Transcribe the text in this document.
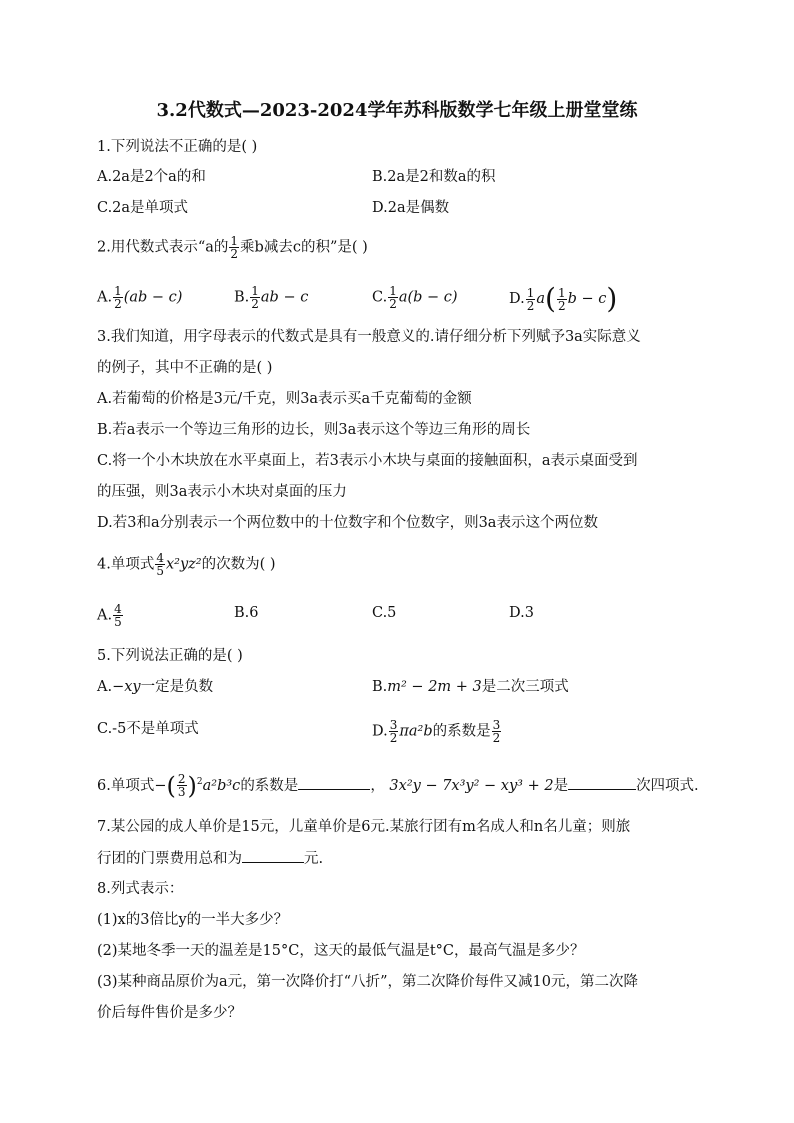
3.2代数式—2023-2024学年苏科版数学七年级上册堂堂练
1.下列说法不正确的是( )
A.2a是2个a的和	B.2a是2和数a的积
C.2a是单项式	D.2a是偶数
2.用代数式表示“a的 $\frac{1}{2}$ 乘b减去c的积”是( )
A. $\frac{1}{2} (ab - c)$	B. $\frac{1}{2}$ ab − c	C. $\frac{1}{2} a(b - c)$	D. $\frac{1}{2} a( \frac{1}{2}$ b − c)
3.我们知道，用字母表示的代数式是具有一般意义的.请仔细分析下列赋予3a实际意义
的例子，其中不正确的是( )
A.若葡萄的价格是3元/千克，则3a表示买a千克葡萄的金额
B.若a表示一个等边三角形的边长，则3a表示这个等边三角形的周长
C.将一个小木块放在水平桌面上，若3表示小木块与桌面的接触面积，a表示桌面受到
的压强，则3a表示小木块对桌面的压力
D.若3和a分别表示一个两位数中的十位数字和个位数字，则3a表示这个两位数
4.单项式 $\frac{4}{5} x^2yz^2$的次数为( )
A. $\frac{4}{5}$	B.6	C.5	D.3
5.下列说法正确的是( )
A.−xy一定是负数	B.m² − 2m + 3是二次三项式
C.-5不是单项式	D. $\frac{3}{2} \pi a^2b$的系数是 $\frac{3}{2}$
6.单项式−( $\frac{2}{3} )^2a^2b^3c$的系数是	， 3x²y − 7x³y² − xy³ + 2是	次四项式.
7.某公园的成人单价是15元，儿童单价是6元.某旅行团有m名成人和n名儿童；则旅
行团的门票费用总和为	元.
8.列式表示：
(1)x的3倍比y的一半大多少？
(2)某地冬季一天的温差是15°C，这天的最低气温是t°C，最高气温是多少？
(3)某种商品原价为a元，第一次降价打“八折”，第二次降价每件又减10元，第二次降
价后每件售价是多少？
